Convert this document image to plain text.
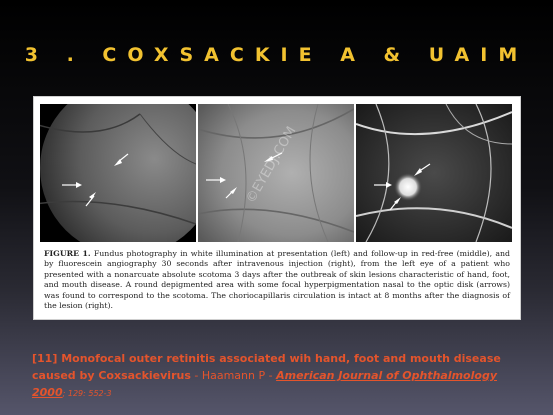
3 . COXSACKIE A & UAIM
©EYEDJ.COM
FIGURE 1. Fundus photography in white illumination at presentation (left) and follow-up in red-free (middle), and by fluorescein angiography 30 seconds after intravenous injection (right), from the left eye of a patient who presented with a nonarcuate absolute scotoma 3 days after the outbreak of skin lesions characteristic of hand, foot, and mouth disease. A round depigmented area with some focal hyperpigmentation nasal to the optic disk (arrows) was found to correspond to the scotoma. The choriocapillaris circulation is intact at 8 months after the diagnosis of the lesion (right).
[11] Monofocal outer retinitis associated wih hand, foot and mouth disease caused by Coxsackievirus - Haamann P - American Journal of Ophthalmology 2000; 129: 552-3
